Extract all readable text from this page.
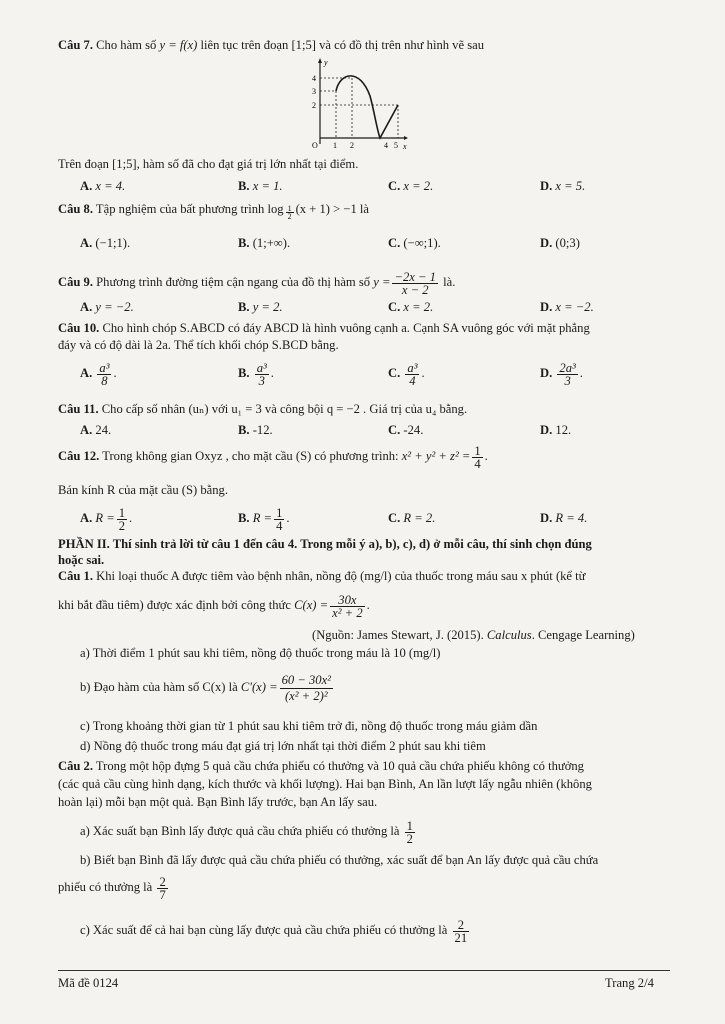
Câu 7. Cho hàm số y = f(x) liên tục trên đoạn [1;5] và có đồ thị trên như hình vẽ sau
y
x
O
4
3
2
1 2	4 5
Trên đoạn [1;5], hàm số đã cho đạt giá trị lớn nhất tại điểm.
A. x = 4.	B. x = 1.	C. x = 2.	D. x = 5.
Câu 8. Tập nghiệm của bất phương trình $\log \frac{1}{2} (x + 1) > -1$ là
A. (−1;1).	B. (1;+∞).	C. (−∞;1).	D. (0;3)
Câu 9. Phương trình đường tiệm cận ngang của đồ thị hàm số $y = \frac{-2x - 1}{x - 2}$ là.
A. y = −2.	B. y = 2.	C. x = 2.	D. x = −2.
Câu 10. Cho hình chóp S.ABCD có đáy ABCD là hình vuông cạnh a. Cạnh SA vuông góc với mặt phẳng
đáy và có độ dài là 2a. Thể tích khối chóp S.BCD bằng.
A. $\frac{\text{a³}}{8}$ .	B. $\frac{\text{a³}}{3}$ .	C. $\frac{\text{a³}}{4}$ .	D. $\frac{\text{2a³}}{3}$ .
Câu 11. Cho cấp số nhân (uₙ) với u₁ = 3 và công bội q = −2 . Giá trị của u₄ bằng.
A. 24.	B. -12.	C. -24.	D. 12.
Câu 12. Trong không gian Oxyz , cho mặt cầu (S) có phương trình: $x^2 + y^2 + z^2 = \frac{1}{4}$ .
Bán kính R của mặt cầu (S) bằng.
A. $R = \frac{1}{2}$ .	B. $R = \frac{1}{4}$ .	C. R = 2.	D. R = 4.
PHẦN II. Thí sinh trả lời từ câu 1 đến câu 4. Trong mỗi ý a), b), c), d) ở mỗi câu, thí sinh chọn đúng
hoặc sai.
Câu 1. Khi loại thuốc A được tiêm vào bệnh nhân, nồng độ (mg/l) của thuốc trong máu sau x phút (kể từ
khi bắt đầu tiêm) được xác định bởi công thức $C(x) = \frac{30x}{\text{x² + 2}}$ .
(Nguồn: James Stewart, J. (2015). Calculus. Cengage Learning)
a) Thời điểm 1 phút sau khi tiêm, nồng độ thuốc trong máu là 10 (mg/l)
b) Đạo hàm của hàm số C(x) là $C'(x) = \frac{\text{60 − 30x²}}{\text{(x² + 2)²}}$
c) Trong khoảng thời gian từ 1 phút sau khi tiêm trở đi, nồng độ thuốc trong máu giảm dần
d) Nồng độ thuốc trong máu đạt giá trị lớn nhất tại thời điểm 2 phút sau khi tiêm
Câu 2. Trong một hộp đựng 5 quả cầu chứa phiếu có thưởng và 10 quả cầu chứa phiếu không có thưởng
(các quả cầu cùng hình dạng, kích thước và khối lượng). Hai bạn Bình, An lần lượt lấy ngẫu nhiên (không
hoàn lại) mỗi bạn một quả. Bạn Bình lấy trước, bạn An lấy sau.
a) Xác suất bạn Bình lấy được quả cầu chứa phiếu có thưởng là $\frac{1}{2}$
b) Biết bạn Bình đã lấy được quả cầu chứa phiếu có thưởng, xác suất để bạn An lấy được quả cầu chứa
phiếu có thưởng là $\frac{2}{7}$
c) Xác suất để cả hai bạn cùng lấy được quả cầu chứa phiếu có thưởng là $\frac{2}{21}$
Mã đề 0124	Trang 2/4
